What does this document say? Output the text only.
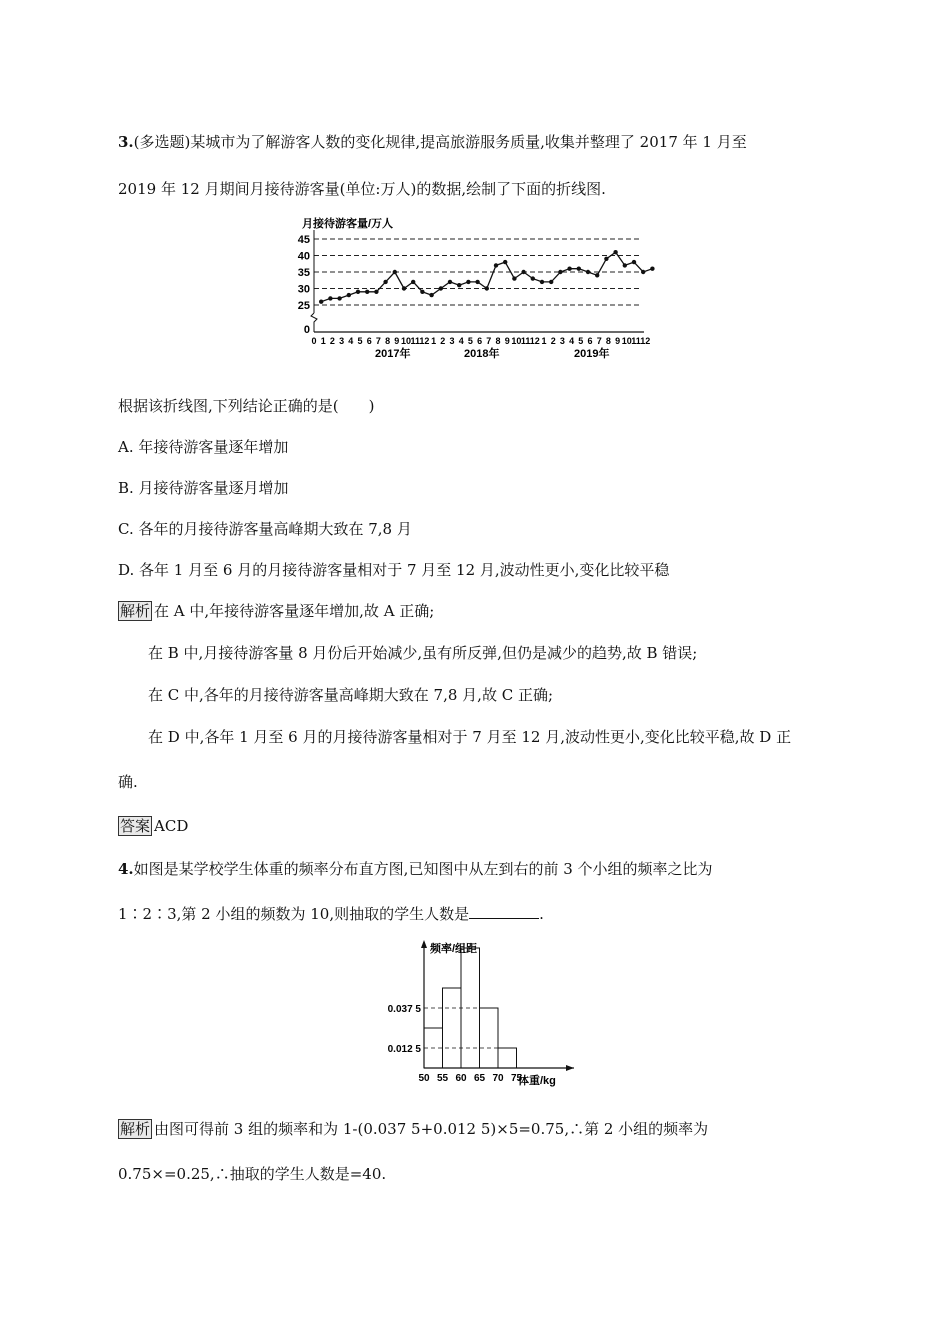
3.(多选题)某城市为了解游客人数的变化规律,提高旅游服务质量,收集并整理了 2017 年 1 月至
2019 年 12 月期间月接待游客量(单位:万人)的数据,绘制了下面的折线图.
月接待游客量/万人
0
25
30
35
40
45
0 1 2 3 4 5 6 7 8 9 10 11 12 1 2 3 4 5 6 7 8 9 10 11 12 1 2 3 4 5 6 7 8 9 10 11 12
2017年	2018年	2019年
根据该折线图,下列结论正确的是(　　)
A. 年接待游客量逐年增加
B. 月接待游客量逐月增加
C. 各年的月接待游客量高峰期大致在 7,8 月
D. 各年 1 月至 6 月的月接待游客量相对于 7 月至 12 月,波动性更小,变化比较平稳
解析 在 A 中,年接待游客量逐年增加,故 A 正确;
在 B 中,月接待游客量 8 月份后开始减少,虽有所反弹,但仍是减少的趋势,故 B 错误;
在 C 中,各年的月接待游客量高峰期大致在 7,8 月,故 C 正确;
在 D 中,各年 1 月至 6 月的月接待游客量相对于 7 月至 12 月,波动性更小,变化比较平稳,故 D 正
确.
答案 ACD
4.如图是某学校学生体重的频率分布直方图,已知图中从左到右的前 3 个小组的频率之比为
1∶2∶3,第 2 小组的频数为 10,则抽取的学生人数是	.
频率/组距
体重/kg
50 55 60 65 70 75
0.037 5
0.012 5
解析 由图可得前 3 组的频率和为 1-(0.037 5+0.012 5)×5=0.75,∴第 2 小组的频率为
0.75×=0.25,∴抽取的学生人数是=40.
